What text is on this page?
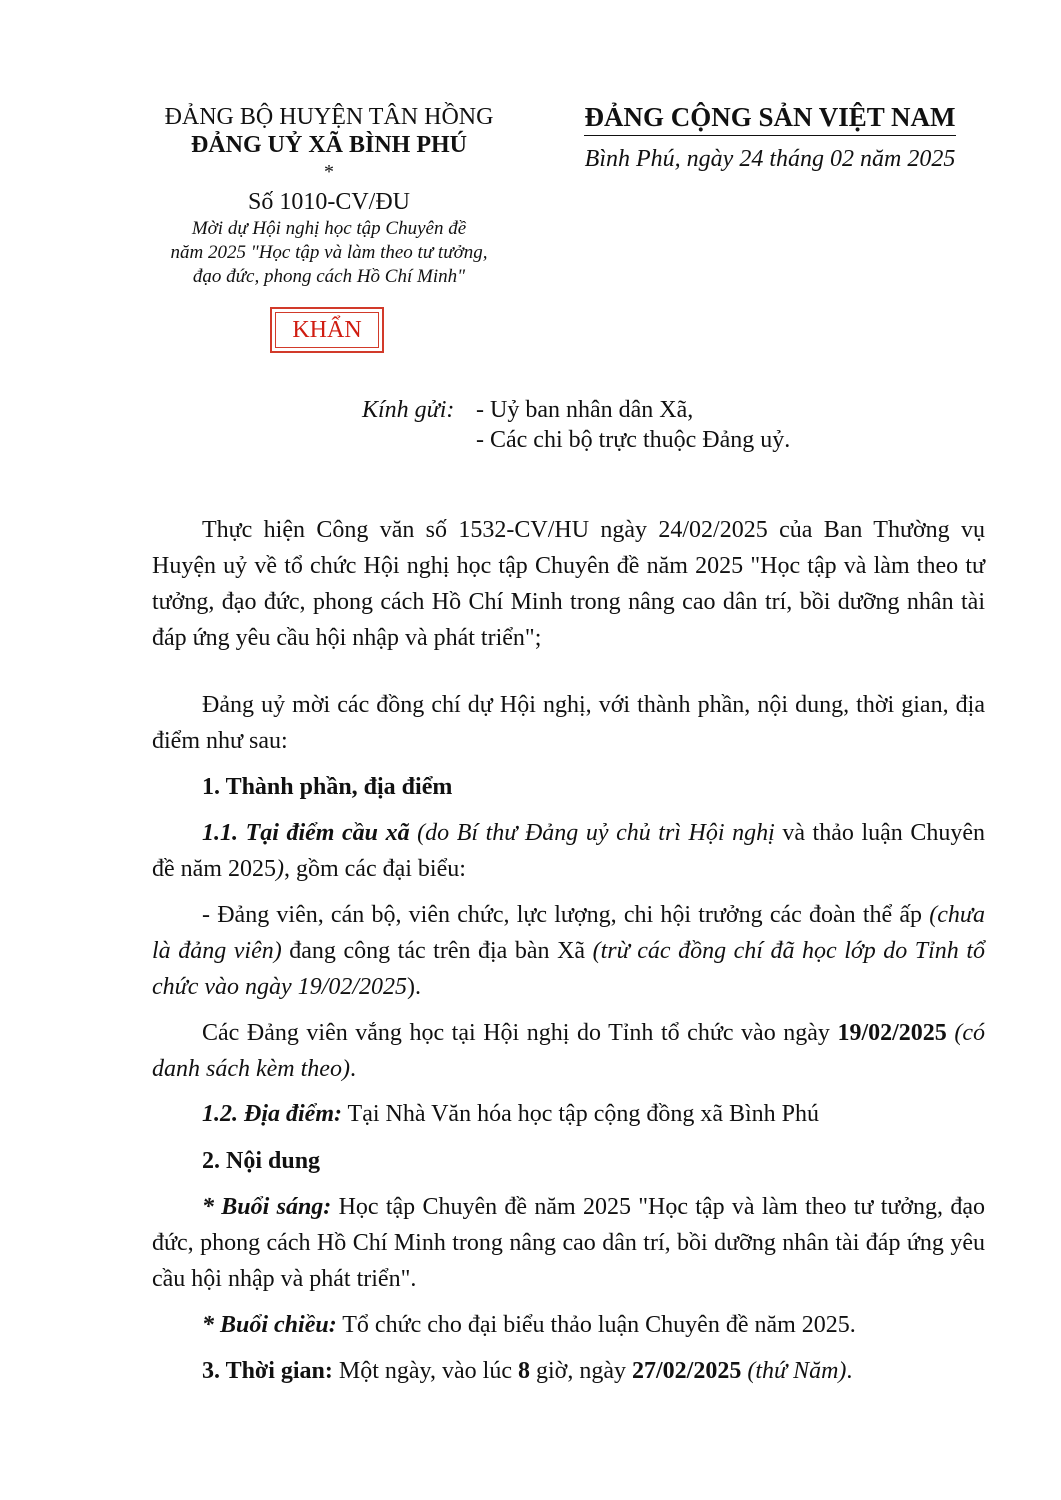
ĐẢNG BỘ HUYỆN TÂN HỒNG
ĐẢNG UỶ XÃ BÌNH PHÚ
*
Số 1010-CV/ĐU
Mời dự Hội nghị học tập Chuyên đề
năm 2025 "Học tập và làm theo tư tưởng,
đạo đức, phong cách Hồ Chí Minh"
KHẨN
ĐẢNG CỘNG SẢN VIỆT NAM
Bình Phú, ngày 24 tháng 02 năm 2025
Kính gửi: - Uỷ ban nhân dân Xã,
- Các chi bộ trực thuộc Đảng uỷ.
Thực hiện Công văn số 1532-CV/HU ngày 24/02/2025 của Ban Thường vụ Huyện uỷ về tổ chức Hội nghị học tập Chuyên đề năm 2025 "Học tập và làm theo tư tưởng, đạo đức, phong cách Hồ Chí Minh trong nâng cao dân trí, bồi dưỡng nhân tài đáp ứng yêu cầu hội nhập và phát triển";
Đảng uỷ mời các đồng chí dự Hội nghị, với thành phần, nội dung, thời gian, địa điểm như sau:
1. Thành phần, địa điểm
1.1. Tại điểm cầu xã (do Bí thư Đảng uỷ chủ trì Hội nghị và thảo luận Chuyên đề năm 2025), gồm các đại biểu:
- Đảng viên, cán bộ, viên chức, lực lượng, chi hội trưởng các đoàn thể ấp (chưa là đảng viên) đang công tác trên địa bàn Xã (trừ các đồng chí đã học lớp do Tỉnh tổ chức vào ngày 19/02/2025).
Các Đảng viên vắng học tại Hội nghị do Tỉnh tổ chức vào ngày 19/02/2025 (có danh sách kèm theo).
1.2. Địa điểm: Tại Nhà Văn hóa học tập cộng đồng xã Bình Phú
2. Nội dung
* Buổi sáng: Học tập Chuyên đề năm 2025 "Học tập và làm theo tư tưởng, đạo đức, phong cách Hồ Chí Minh trong nâng cao dân trí, bồi dưỡng nhân tài đáp ứng yêu cầu hội nhập và phát triển".
* Buổi chiều: Tổ chức cho đại biểu thảo luận Chuyên đề năm 2025.
3. Thời gian: Một ngày, vào lúc 8 giờ, ngày 27/02/2025 (thứ Năm).
